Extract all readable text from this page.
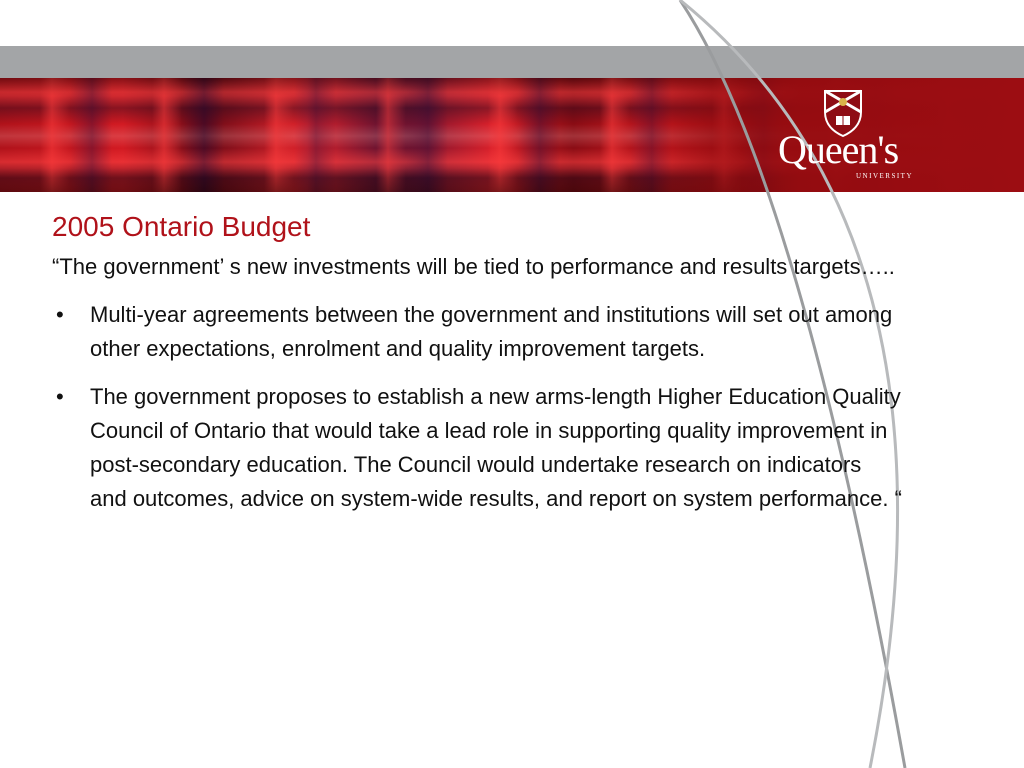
Queen's
UNIVERSITY
2005 Ontario Budget

“The government’ s new investments will be tied to performance and results targets…..

• Multi-year agreements between the government and institutions will set out among other expectations, enrolment and quality improvement targets.
• The government proposes to establish a new arms-length Higher Education Quality Council of Ontario that would take a lead role in supporting quality improvement in post-secondary education. The Council would undertake research on indicators and outcomes, advice on system-wide results, and report on system performance. “
